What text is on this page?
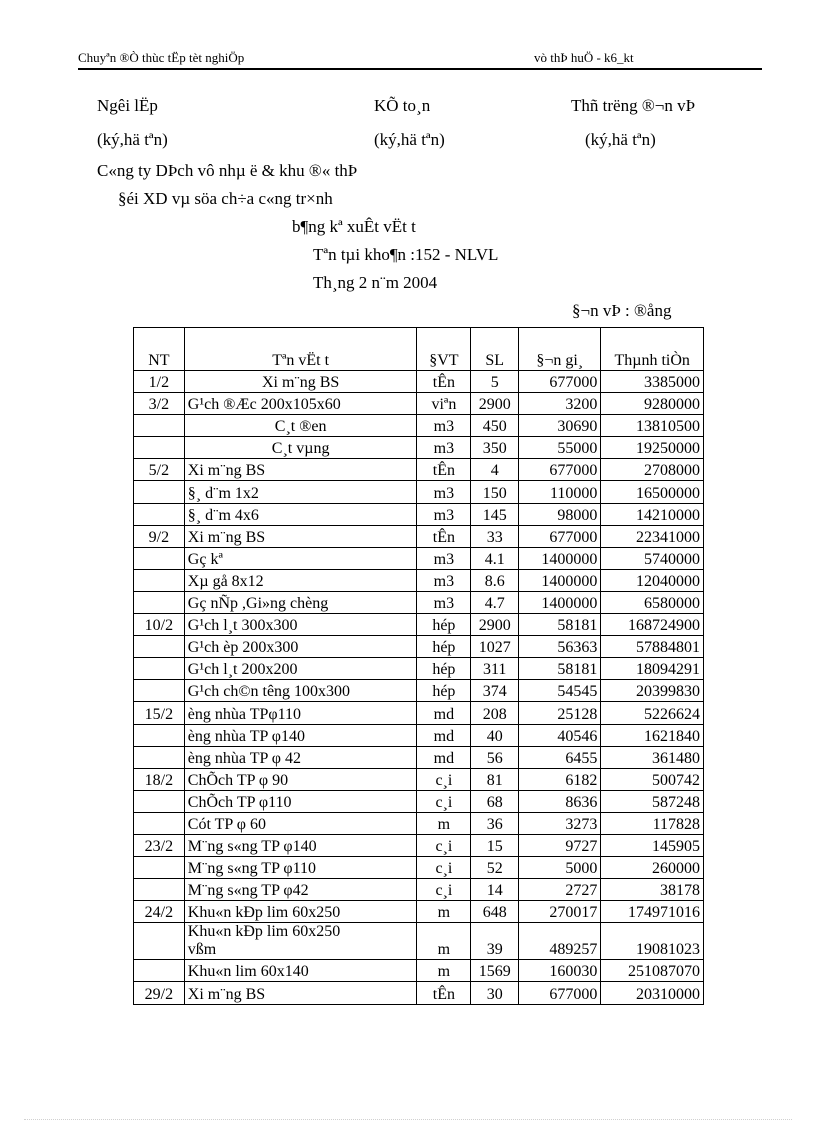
Chuyªn ®Ò thùc tËp tèt nghiÖp	vò thÞ huÖ - k6_kt
Ngêi lËp	KÕ to¸n	Thñ trëng ®¬n vÞ
(ký,hä tªn)	(ký,hä tªn)	(ký,hä tªn)
C«ng ty DÞch vô nhµ ë & khu ®« thÞ
§éi XD vµ söa ch÷a c«ng tr×nh
b¶ng kª xuÊt vËt t
Tªn tµi kho¶n :152 - NLVL
Th¸ng 2 n¨m 2004
§¬n vÞ : ®ång
NT	Tªn vËt t	§VT	SL	§¬n gi¸	Thµnh tiÒn
1/2	Xi m¨ng BS	tÊn	5	677000	3385000
3/2	G¹ch ®Æc 200x105x60	viªn	2900	3200	9280000
	C¸t ®en	m3	450	30690	13810500
	C¸t vµng	m3	350	55000	19250000
5/2	Xi m¨ng BS	tÊn	4	677000	2708000
	§¸ d¨m 1x2	m3	150	110000	16500000
	§¸ d¨m 4x6	m3	145	98000	14210000
9/2	Xi m¨ng BS	tÊn	33	677000	22341000
	Gç kª	m3	4.1	1400000	5740000
	Xµ gå 8x12	m3	8.6	1400000	12040000
	Gç nÑp ,Gi»ng chèng	m3	4.7	1400000	6580000
10/2	G¹ch l¸t 300x300	hép	2900	58181	168724900
	G¹ch èp 200x300	hép	1027	56363	57884801
	G¹ch l¸t 200x200	hép	311	58181	18094291
	G¹ch ch©n têng 100x300	hép	374	54545	20399830
15/2	èng nhùa TPφ110	md	208	25128	5226624
	èng nhùa TP φ140	md	40	40546	1621840
	èng nhùa TP φ 42	md	56	6455	361480
18/2	ChÕch TP φ 90	c¸i	81	6182	500742
	ChÕch TP φ110	c¸i	68	8636	587248
	Cót TP φ 60	m	36	3273	117828
23/2	M¨ng s«ng TP φ140	c¸i	15	9727	145905
	M¨ng s«ng TP φ110	c¸i	52	5000	260000
	M¨ng s«ng TP φ42	c¸i	14	2727	38178
24/2	Khu«n kÐp lim 60x250	m	648	270017	174971016

	Khu«n kÐp lim 60x250
vßm	m	39	489257	19081023
	Khu«n lim 60x140	m	1569	160030	251087070
29/2	Xi m¨ng BS	tÊn	30	677000	20310000
